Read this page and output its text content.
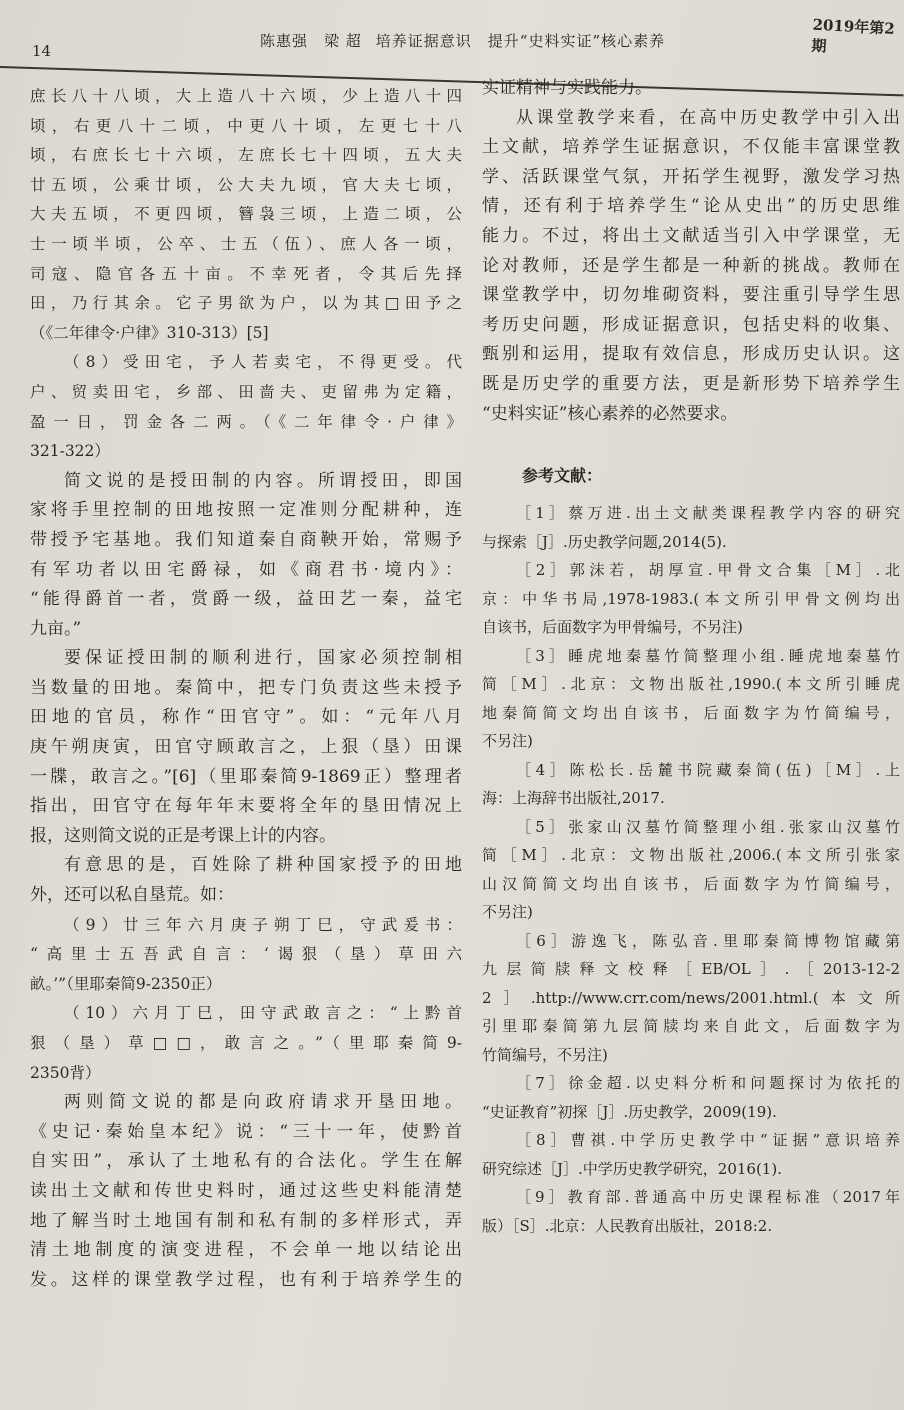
14
陈惠强　梁 超 培养证据意识　提升“史料实证”核心素养
2019年第2期
庶长八十八顷，大上造八十六顷，少上造八十四
顷，右更八十二顷，中更八十顷，左更七十八
顷，右庶长七十六顷，左庶长七十四顷，五大夫
廿五顷，公乘廿顷，公大夫九顷，官大夫七顷，
大夫五顷，不更四顷，簪袅三顷，上造二顷，公
士一顷半顷，公卒、士五（伍）、庶人各一顷，
司寇、隐官各五十亩。不幸死者，令其后先择
田，乃行其余。它子男欲为户，以为其□田予之
（《二年律令·户律》310-313）[5]
（8）受田宅，予人若卖宅，不得更受。代
户、贸卖田宅，乡部、田啬夫、吏留弗为定籍，
盈一日，罚金各二两。（《二年律令·户律》
321-322）
简文说的是授田制的内容。所谓授田，即国
家将手里控制的田地按照一定准则分配耕种，连
带授予宅基地。我们知道秦自商鞅开始，常赐予
有军功者以田宅爵禄，如《商君书·境内》：
“能得爵首一者，赏爵一级，益田艺一秦，益宅
九亩。”
要保证授田制的顺利进行，国家必须控制相
当数量的田地。秦简中，把专门负责这些未授予
田地的官员，称作“田官守”。如：“元年八月
庚午朔庚寅，田官守顾敢言之，上狠（垦）田课
一牒，敢言之。”[6]（里耶秦简9-1869正）整理者
指出，田官守在每年年末要将全年的垦田情况上
报，这则简文说的正是考课上计的内容。
有意思的是，百姓除了耕种国家授予的田地
外，还可以私自垦荒。如：
（9）廿三年六月庚子朔丁巳，守武爰书：
“高里士五吾武自言：‘谒狠（垦）草田六
畝。’”（里耶秦简9-2350正）
（10）六月丁巳，田守武敢言之：“上黔首
狠（垦）草□□，敢言之。”（里耶秦简9-
2350背）
两则简文说的都是向政府请求开垦田地。
《史记·秦始皇本纪》说：“三十一年，使黔首
自实田”，承认了土地私有的合法化。学生在解
读出土文献和传世史料时，通过这些史料能清楚
地了解当时土地国有制和私有制的多样形式，弄
清土地制度的演变进程，不会单一地以结论出
发。这样的课堂教学过程，也有利于培养学生的
实证精神与实践能力。
从课堂教学来看，在高中历史教学中引入出
土文献，培养学生证据意识，不仅能丰富课堂教
学、活跃课堂气氛，开拓学生视野，激发学习热
情，还有利于培养学生“论从史出”的历史思维
能力。不过，将出土文献适当引入中学课堂，无
论对教师，还是学生都是一种新的挑战。教师在
课堂教学中，切勿堆砌资料，要注重引导学生思
考历史问题，形成证据意识，包括史料的收集、
甄别和运用，提取有效信息，形成历史认识。这
既是历史学的重要方法，更是新形势下培养学生
“史料实证”核心素养的必然要求。
参考文献：
［1］蔡万进.出土文献类课程教学内容的研究
与探索［J］.历史教学问题,2014(5).
［2］郭沫若，胡厚宣.甲骨文合集［M］.北
京：中华书局,1978-1983.(本文所引甲骨文例均出
自该书，后面数字为甲骨编号，不另注)
［3］睡虎地秦墓竹简整理小组.睡虎地秦墓竹
简［M］.北京：文物出版社,1990.(本文所引睡虎
地秦简简文均出自该书，后面数字为竹简编号，
不另注)
［4］陈松长.岳麓书院藏秦简(伍)［M］.上
海：上海辞书出版社,2017.
［5］张家山汉墓竹简整理小组.张家山汉墓竹
简［M］.北京：文物出版社,2006.(本文所引张家
山汉简简文均出自该书，后面数字为竹简编号，
不另注)
［6］游逸飞，陈弘音.里耶秦简博物馆藏第
九层简牍释文校释［EB/OL］.［2013-12-2
2］.http://www.crr.com/news/2001.html.(本文所
引里耶秦简第九层简牍均来自此文，后面数字为
竹简编号，不另注)
［7］徐金超.以史料分析和问题探讨为依托的
“史证教育”初探［J］.历史教学，2009(19).
［8］曹祺.中学历史教学中“证据”意识培养
研究综述［J］.中学历史教学研究，2016(1).
［9］教育部.普通高中历史课程标准（2017年
版）［S］.北京：人民教育出版社，2018:2.
